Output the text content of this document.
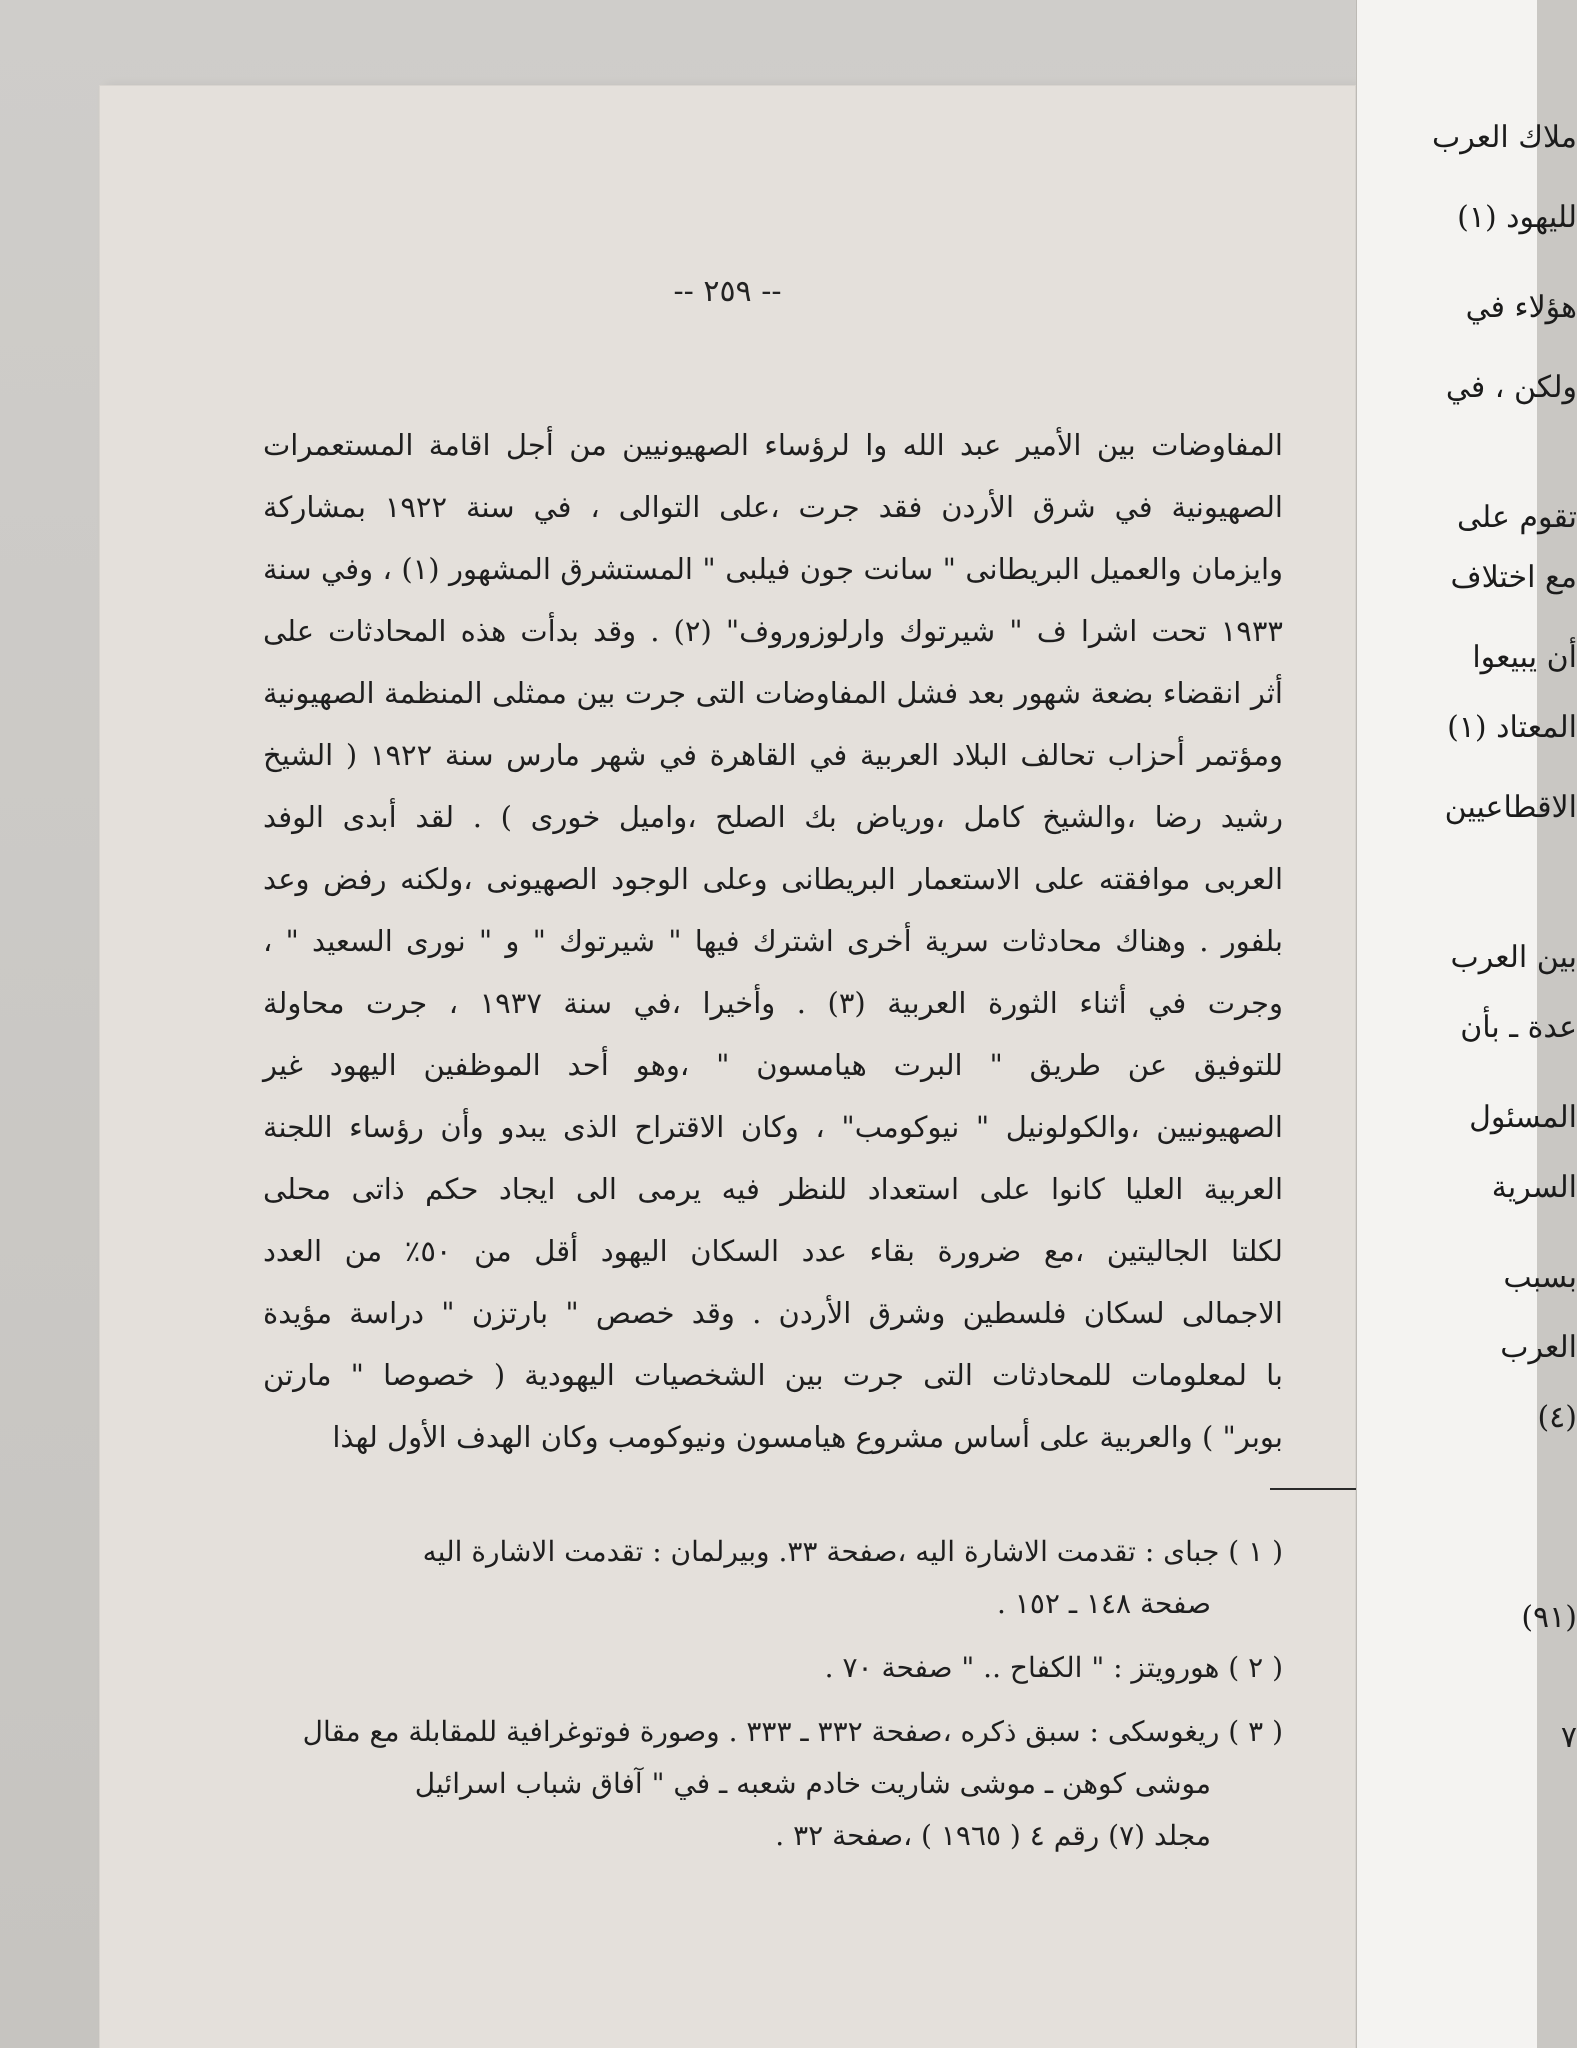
-- ٢٥٩ --
المفاوضات بين الأمير عبد الله وا لرؤساء الصهيونيين من أجل اقامة المستعمرات
الصهيونية في شرق الأردن فقد جرت ،على التوالى ، في سنة ١٩٢٢ بمشاركة
وايزمان والعميل البريطانى " سانت جون فيلبى " المستشرق المشهور (١) ، وفي سنة
١٩٣٣ تحت اشرا ف " شيرتوك وارلوزوروف" (٢) . وقد بدأت هذه المحادثات على
أثر انقضاء بضعة شهور بعد فشل المفاوضات التى جرت بين ممثلى المنظمة الصهيونية
ومؤتمر أحزاب تحالف البلاد العربية في القاهرة في شهر مارس سنة ١٩٢٢ ( الشيخ
رشيد رضا ،والشيخ كامل ،ورياض بك الصلح ،واميل خورى ) . لقد أبدى الوفد
العربى موافقته على الاستعمار البريطانى وعلى الوجود الصهيونى ،ولكنه رفض وعد
بلفور . وهناك محادثات سرية أخرى اشترك فيها " شيرتوك " و " نورى السعيد " ،
وجرت في أثناء الثورة العربية (٣) . وأخيرا ،في سنة ١٩٣٧ ، جرت محاولة
للتوفيق عن طريق " البرت هيامسون " ،وهو أحد الموظفين اليهود غير
الصهيونيين ،والكولونيل " نيوكومب" ، وكان الاقتراح الذى يبدو وأن رؤساء اللجنة
العربية العليا كانوا على استعداد للنظر فيه يرمى الى ايجاد حكم ذاتى محلى
لكلتا الجاليتين ،مع ضرورة بقاء عدد السكان اليهود أقل من ٥٠٪ من العدد
الاجمالى لسكان فلسطين وشرق الأردن . وقد خصص " بارتزن " دراسة مؤيدة
با لمعلومات للمحادثات التى جرت بين الشخصيات اليهودية ( خصوصا " مارتن
بوبر" ) والعربية على أساس مشروع هيامسون ونيوكومب وكان الهدف الأول لهذا
( ١ ) جباى : تقدمت الاشارة اليه ،صفحة ٣٣. وبيرلمان : تقدمت الاشارة اليه
صفحة ١٤٨ ـ ١٥٢ .
( ٢ ) هورويتز : " الكفاح .. " صفحة ٧٠ .
( ٣ ) ريغوسكى : سبق ذكره ،صفحة ٣٣٢ ـ ٣٣٣ . وصورة فوتوغرافية للمقابلة مع مقال
موشى كوهن ـ موشى شاريت خادم شعبه ـ في " آفاق شباب اسرائيل
مجلد (٧) رقم ٤ ( ١٩٦٥ ) ،صفحة ٣٢ .
ملاك العرب
لليهود (١)
هؤلاء في
ولكن ، في
تقوم على
مع اختلاف
أن يبيعوا
المعتاد (١)
الاقطاعيين
بين العرب
عدة ـ بأن
المسئول
السرية
بسبب
العرب
(٤)
(٩١)
٧
